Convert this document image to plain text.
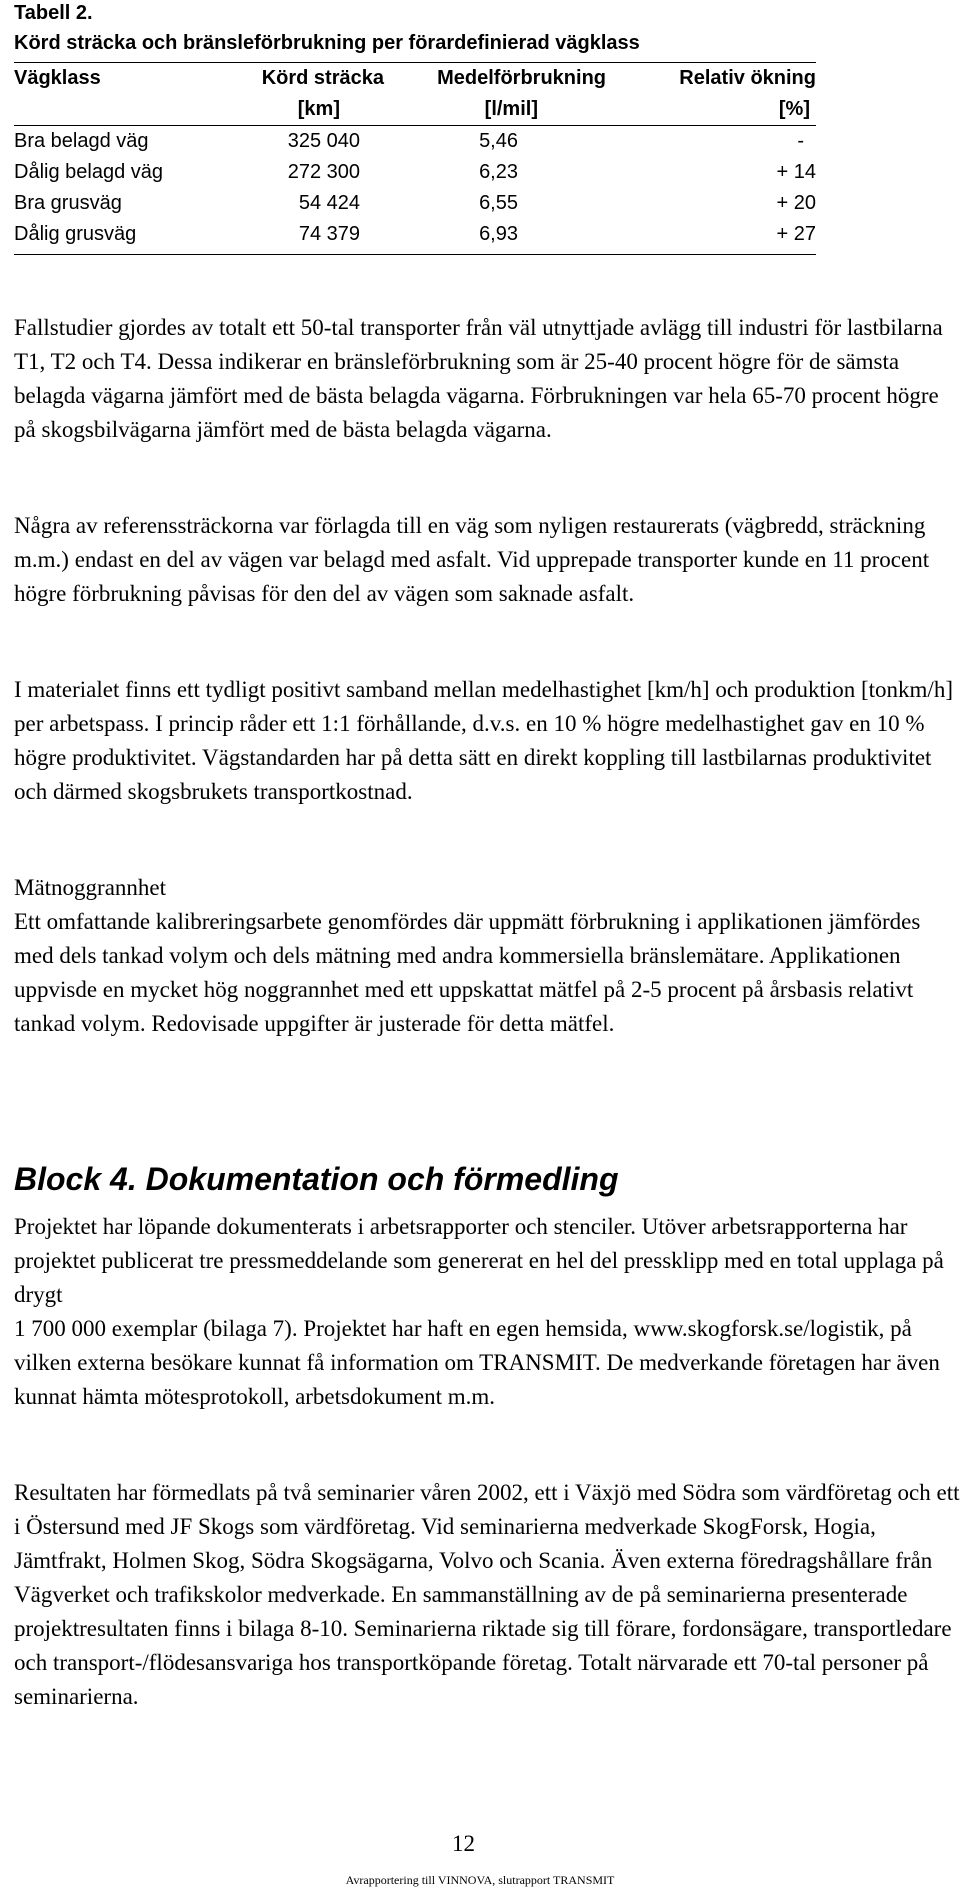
Tabell 2.
Körd sträcka och bränsleförbrukning per förardefinierad vägklass
Vägklass	Körd sträcka	Medelförbrukning	Relativ ökning
	[km]	[l/mil]	[%]
Bra belagd väg	325 040	5,46	-
Dålig belagd väg	272 300	6,23	+ 14
Bra grusväg	54 424	6,55	+ 20
Dålig grusväg	74 379	6,93	+ 27

Fallstudier gjordes av totalt ett 50-tal transporter från väl utnyttjade avlägg till industri för lastbilarna T1, T2 och T4. Dessa indikerar en bränsleförbrukning som är 25-40 procent högre för de sämsta belagda vägarna jämfört med de bästa belagda vägarna. Förbrukningen var hela 65-70 procent högre på skogsbilvägarna jämfört med de bästa belagda vägarna.

Några av referenssträckorna var förlagda till en väg som nyligen restaurerats (vägbredd, sträckning m.m.) endast en del av vägen var belagd med asfalt. Vid upprepade transporter kunde en 11 procent högre förbrukning påvisas för den del av vägen som saknade asfalt.

I materialet finns ett tydligt positivt samband mellan medelhastighet [km/h] och produktion [tonkm/h] per arbetspass. I princip råder ett 1:1 förhållande, d.v.s. en 10 % högre medelhastighet gav en 10 % högre produktivitet. Vägstandarden har på detta sätt en direkt koppling till lastbilarnas produktivitet och därmed skogsbrukets transportkostnad.

Mätnoggrannhet

Ett omfattande kalibreringsarbete genomfördes där uppmätt förbrukning i applikationen jämfördes med dels tankad volym och dels mätning med andra kommersiella bränslemätare. Applikationen uppvisde en mycket hög noggrannhet med ett uppskattat mätfel på 2-5 procent på årsbasis relativt tankad volym. Redovisade uppgifter är justerade för detta mätfel.

Block 4. Dokumentation och förmedling
Projektet har löpande dokumenterats i arbetsrapporter och stenciler. Utöver arbetsrapporterna har projektet publicerat tre pressmeddelande som genererat en hel del pressklipp med en total upplaga på drygt
1 700 000 exemplar (bilaga 7). Projektet har haft en egen hemsida, www.skogforsk.se/logistik, på vilken externa besökare kunnat få information om TRANSMIT. De medverkande företagen har även kunnat hämta mötesprotokoll, arbetsdokument m.m.

Resultaten har förmedlats på två seminarier våren 2002, ett i Växjö med Södra som värdföretag och ett i Östersund med JF Skogs som värdföretag. Vid seminarierna medverkade SkogForsk, Hogia, Jämtfrakt, Holmen Skog, Södra Skogsägarna, Volvo och Scania. Även externa föredragshållare från Vägverket och trafikskolor medverkade. En sammanställning av de på seminarierna presenterade projektresultaten finns i bilaga 8-10. Seminarierna riktade sig till förare, fordonsägare, transportledare och transport-/flödesansvariga hos transportköpande företag. Totalt närvarade ett 70-tal personer på seminarierna.

12
Avrapportering till VINNOVA, slutrapport TRANSMIT
